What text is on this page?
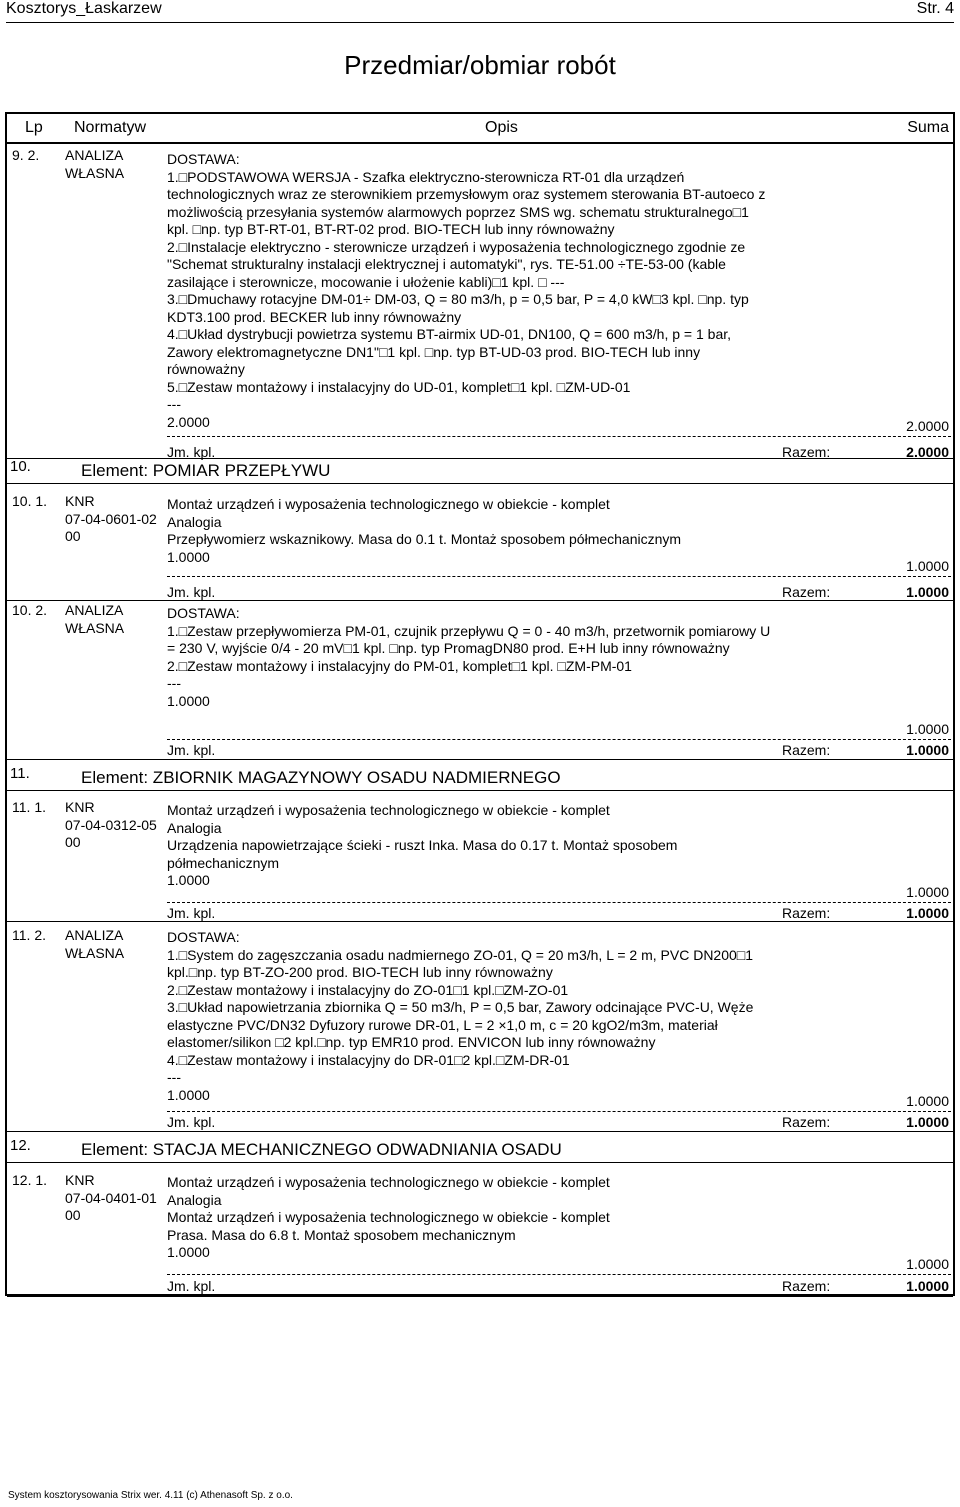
Kosztorys_Łaskarzew	Str. 4
Przedmiar/obmiar robót
Lp Normatyw	Opis	Suma
9. 2. ANALIZA
WŁASNA
DOSTAWA:
1.□PODSTAWOWA WERSJA - Szafka elektryczno-sterownicza RT-01 dla urządzeń
technologicznych wraz ze sterownikiem przemysłowym oraz systemem sterowania BT-autoeco z
możliwością przesyłania systemów alarmowych poprzez SMS wg. schematu strukturalnego□1
kpl. □np. typ BT-RT-01, BT-RT-02 prod. BIO-TECH lub inny równoważny
2.□Instalacje elektryczno - sterownicze urządzeń i wyposażenia technologicznego zgodnie ze
"Schemat strukturalny instalacji elektrycznej i automatyki", rys. TE-51.00 ÷TE-53-00 (kable
zasilające i sterownicze, mocowanie i ułożenie kabli)□1 kpl. □ ---
3.□Dmuchawy rotacyjne DM-01÷ DM-03, Q = 80 m3/h, p = 0,5 bar, P = 4,0 kW□3 kpl. □np. typ
KDT3.100 prod. BECKER lub inny równoważny
4.□Układ dystrybucji powietrza systemu BT-airmix UD-01, DN100, Q = 600 m3/h, p = 1 bar,
Zawory elektromagnetyczne DN1"□1 kpl. □np. typ BT-UD-03 prod. BIO-TECH lub inny
równoważny
5.□Zestaw montażowy i instalacyjny do UD-01, komplet□1 kpl. □ZM-UD-01
---
2.0000	2.0000
Jm. kpl.	Razem:	2.0000
10.	Element: POMIAR PRZEPŁYWU
10. 1. KNR
07-04-0601-02
00
Montaż urządzeń i wyposażenia technologicznego w obiekcie - komplet
Analogia
Przepływomierz wskaznikowy. Masa do 0.1 t. Montaż sposobem półmechanicznym
1.0000
1.0000
Jm. kpl.	Razem:	1.0000
10. 2. ANALIZA
WŁASNA
DOSTAWA:
1.□Zestaw przepływomierza PM-01, czujnik przepływu Q = 0 - 40 m3/h, przetwornik pomiarowy U
= 230 V, wyjście 0/4 - 20 mV□1 kpl. □np. typ PromagDN80 prod. E+H lub inny równoważny
2.□Zestaw montażowy i instalacyjny do PM-01, komplet□1 kpl. □ZM-PM-01
---
1.0000
1.0000
Jm. kpl.	Razem:	1.0000
11.	Element: ZBIORNIK MAGAZYNOWY OSADU NADMIERNEGO
11. 1. KNR
07-04-0312-05
00
Montaż urządzeń i wyposażenia technologicznego w obiekcie - komplet
Analogia
Urządzenia napowietrzające ścieki - ruszt Inka. Masa do 0.17 t. Montaż sposobem
półmechanicznym
1.0000
1.0000
Jm. kpl.	Razem:	1.0000
11. 2. ANALIZA
WŁASNA
DOSTAWA:
1.□System do zagęszczania osadu nadmiernego ZO-01, Q = 20 m3/h, L = 2 m, PVC DN200□1
kpl.□np. typ BT-ZO-200 prod. BIO-TECH lub inny równoważny
2.□Zestaw montażowy i instalacyjny do ZO-01□1 kpl.□ZM-ZO-01
3.□Układ napowietrzania zbiornika Q = 50 m3/h, P = 0,5 bar, Zawory odcinające PVC-U, Węże
elastyczne PVC/DN32 Dyfuzory rurowe DR-01, L = 2 ×1,0 m, c = 20 kgO2/m3m, materiał
elastomer/silikon □2 kpl.□np. typ EMR10 prod. ENVICON lub inny równoważny
4.□Zestaw montażowy i instalacyjny do DR-01□2 kpl.□ZM-DR-01
---
1.0000	1.0000
Jm. kpl.	Razem:	1.0000
12.	Element: STACJA MECHANICZNEGO ODWADNIANIA OSADU
12. 1. KNR
07-04-0401-01
00
Montaż urządzeń i wyposażenia technologicznego w obiekcie - komplet
Analogia
Montaż urządzeń i wyposażenia technologicznego w obiekcie - komplet
Prasa. Masa do 6.8 t. Montaż sposobem mechanicznym
1.0000
1.0000
Jm. kpl.	Razem:	1.0000
System kosztorysowania Strix wer. 4.11 (c) Athenasoft Sp. z o.o.
